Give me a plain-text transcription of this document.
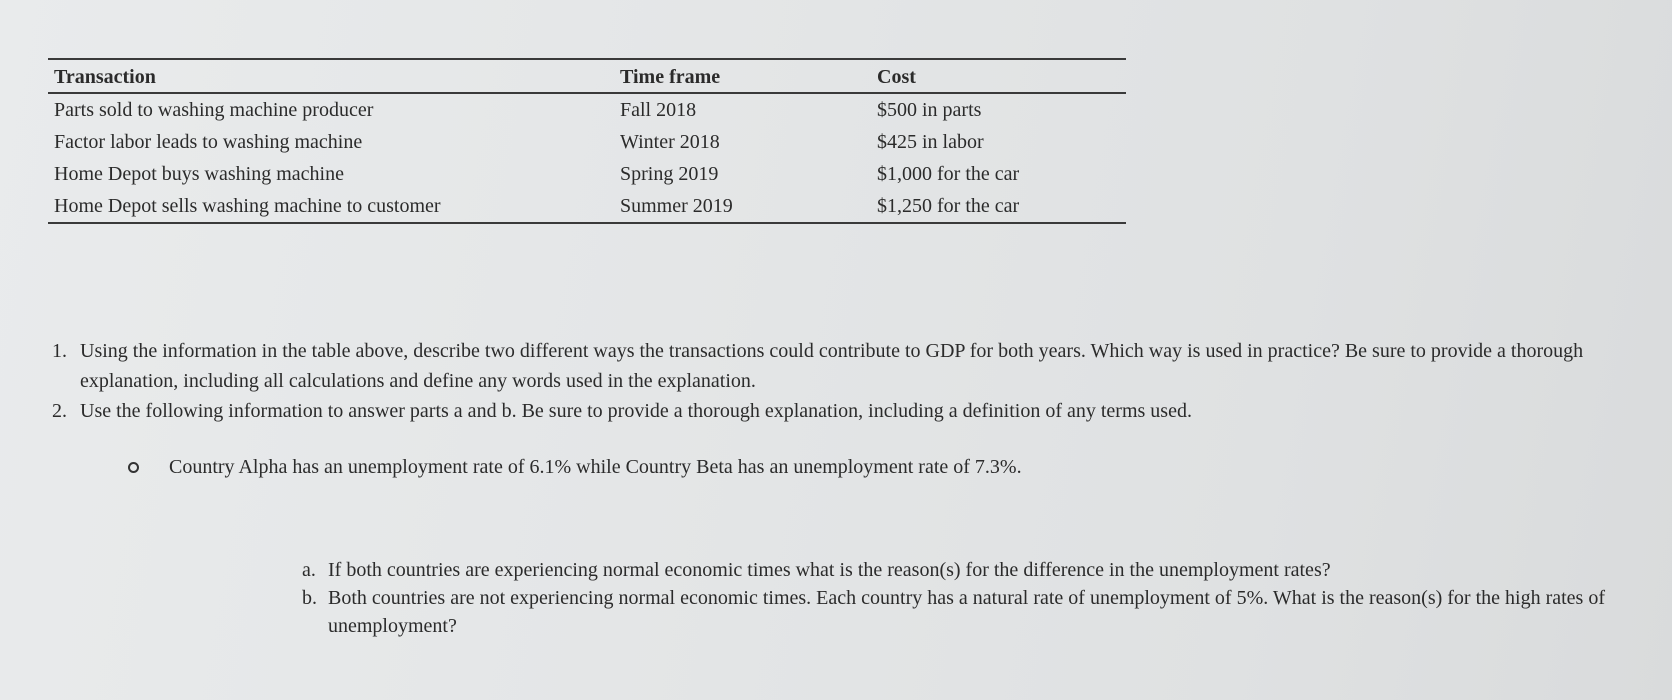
Transaction	Time frame	Cost
Parts sold to washing machine producer	Fall 2018	$500 in parts
Factor labor leads to washing machine	Winter 2018	$425 in labor
Home Depot buys washing machine	Spring 2019	$1,000 for the car
Home Depot sells washing machine to customer	Summer 2019	$1,250 for the car
1. Using the information in the table above, describe two different ways the transactions could contribute to GDP for both years. Which way is used in practice? Be sure to provide a thorough explanation, including all calculations and define any words used in the explanation.
2. Use the following information to answer parts a and b. Be sure to provide a thorough explanation, including a definition of any terms used.
Country Alpha has an unemployment rate of 6.1% while Country Beta has an unemployment rate of 7.3%.
a. If both countries are experiencing normal economic times what is the reason(s) for the difference in the unemployment rates?
b. Both countries are not experiencing normal economic times. Each country has a natural rate of unemployment of 5%. What is the reason(s) for the high rates of unemployment?
